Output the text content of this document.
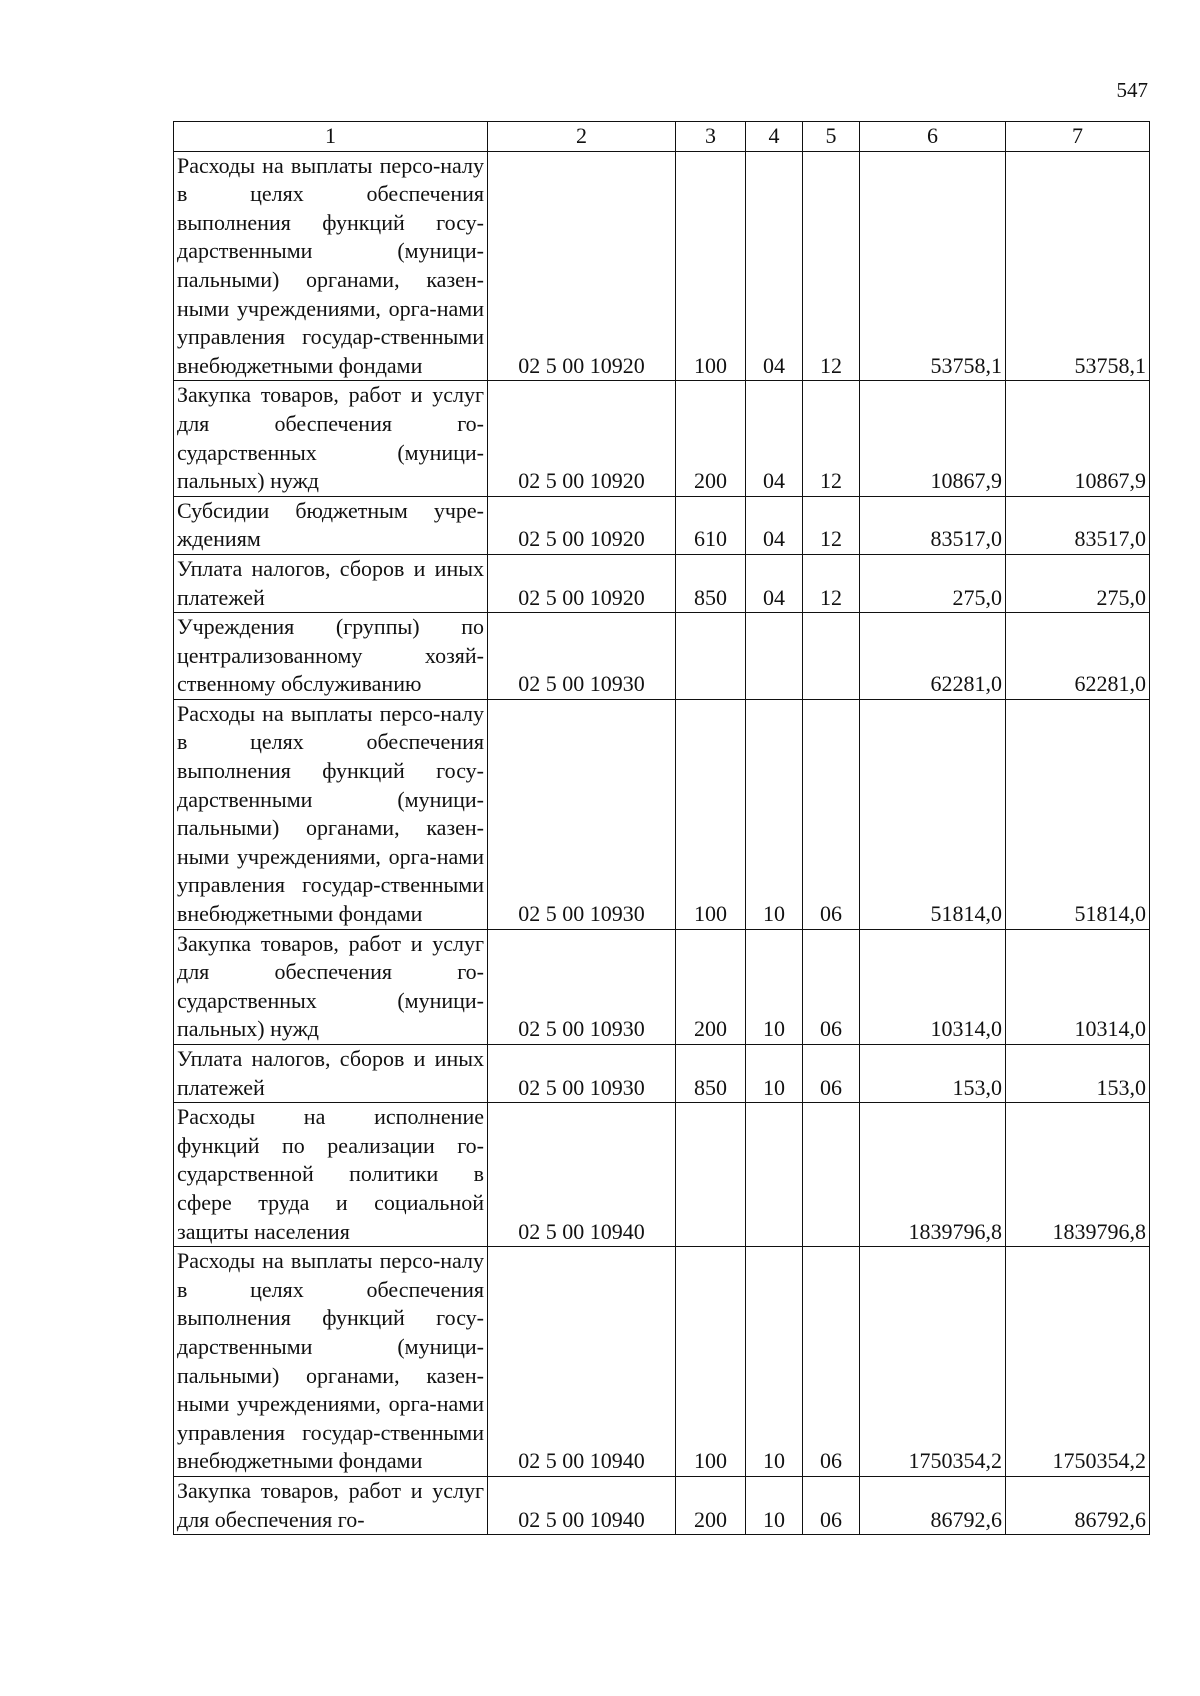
547
1	2	3	4	5	6	7
Расходы на выплаты персо-налу в целях обеспечения выполнения функций госу-дарственными (муници-пальными) органами, казен-ными учреждениями, орга-нами управления государ-ственными внебюджетными фондами	02 5 00 10920	100	04	12	53758,1	53758,1
Закупка товаров, работ и услуг для обеспечения го-сударственных (муници-пальных) нужд	02 5 00 10920	200	04	12	10867,9	10867,9
Субсидии бюджетным учре-ждениям	02 5 00 10920	610	04	12	83517,0	83517,0
Уплата налогов, сборов и иных платежей	02 5 00 10920	850	04	12	275,0	275,0
Учреждения (группы) по централизованному хозяй-ственному обслуживанию	02 5 00 10930				62281,0	62281,0
Расходы на выплаты персо-налу в целях обеспечения выполнения функций госу-дарственными (муници-пальными) органами, казен-ными учреждениями, орга-нами управления государ-ственными внебюджетными фондами	02 5 00 10930	100	10	06	51814,0	51814,0
Закупка товаров, работ и услуг для обеспечения го-сударственных (муници-пальных) нужд	02 5 00 10930	200	10	06	10314,0	10314,0
Уплата налогов, сборов и иных платежей	02 5 00 10930	850	10	06	153,0	153,0
Расходы на исполнение функций по реализации го-сударственной политики в сфере труда и социальной защиты населения	02 5 00 10940				1839796,8	1839796,8
Расходы на выплаты персо-налу в целях обеспечения выполнения функций госу-дарственными (муници-пальными) органами, казен-ными учреждениями, орга-нами управления государ-ственными внебюджетными фондами	02 5 00 10940	100	10	06	1750354,2	1750354,2
Закупка товаров, работ и услуг для обеспечения го-	02 5 00 10940	200	10	06	86792,6	86792,6
